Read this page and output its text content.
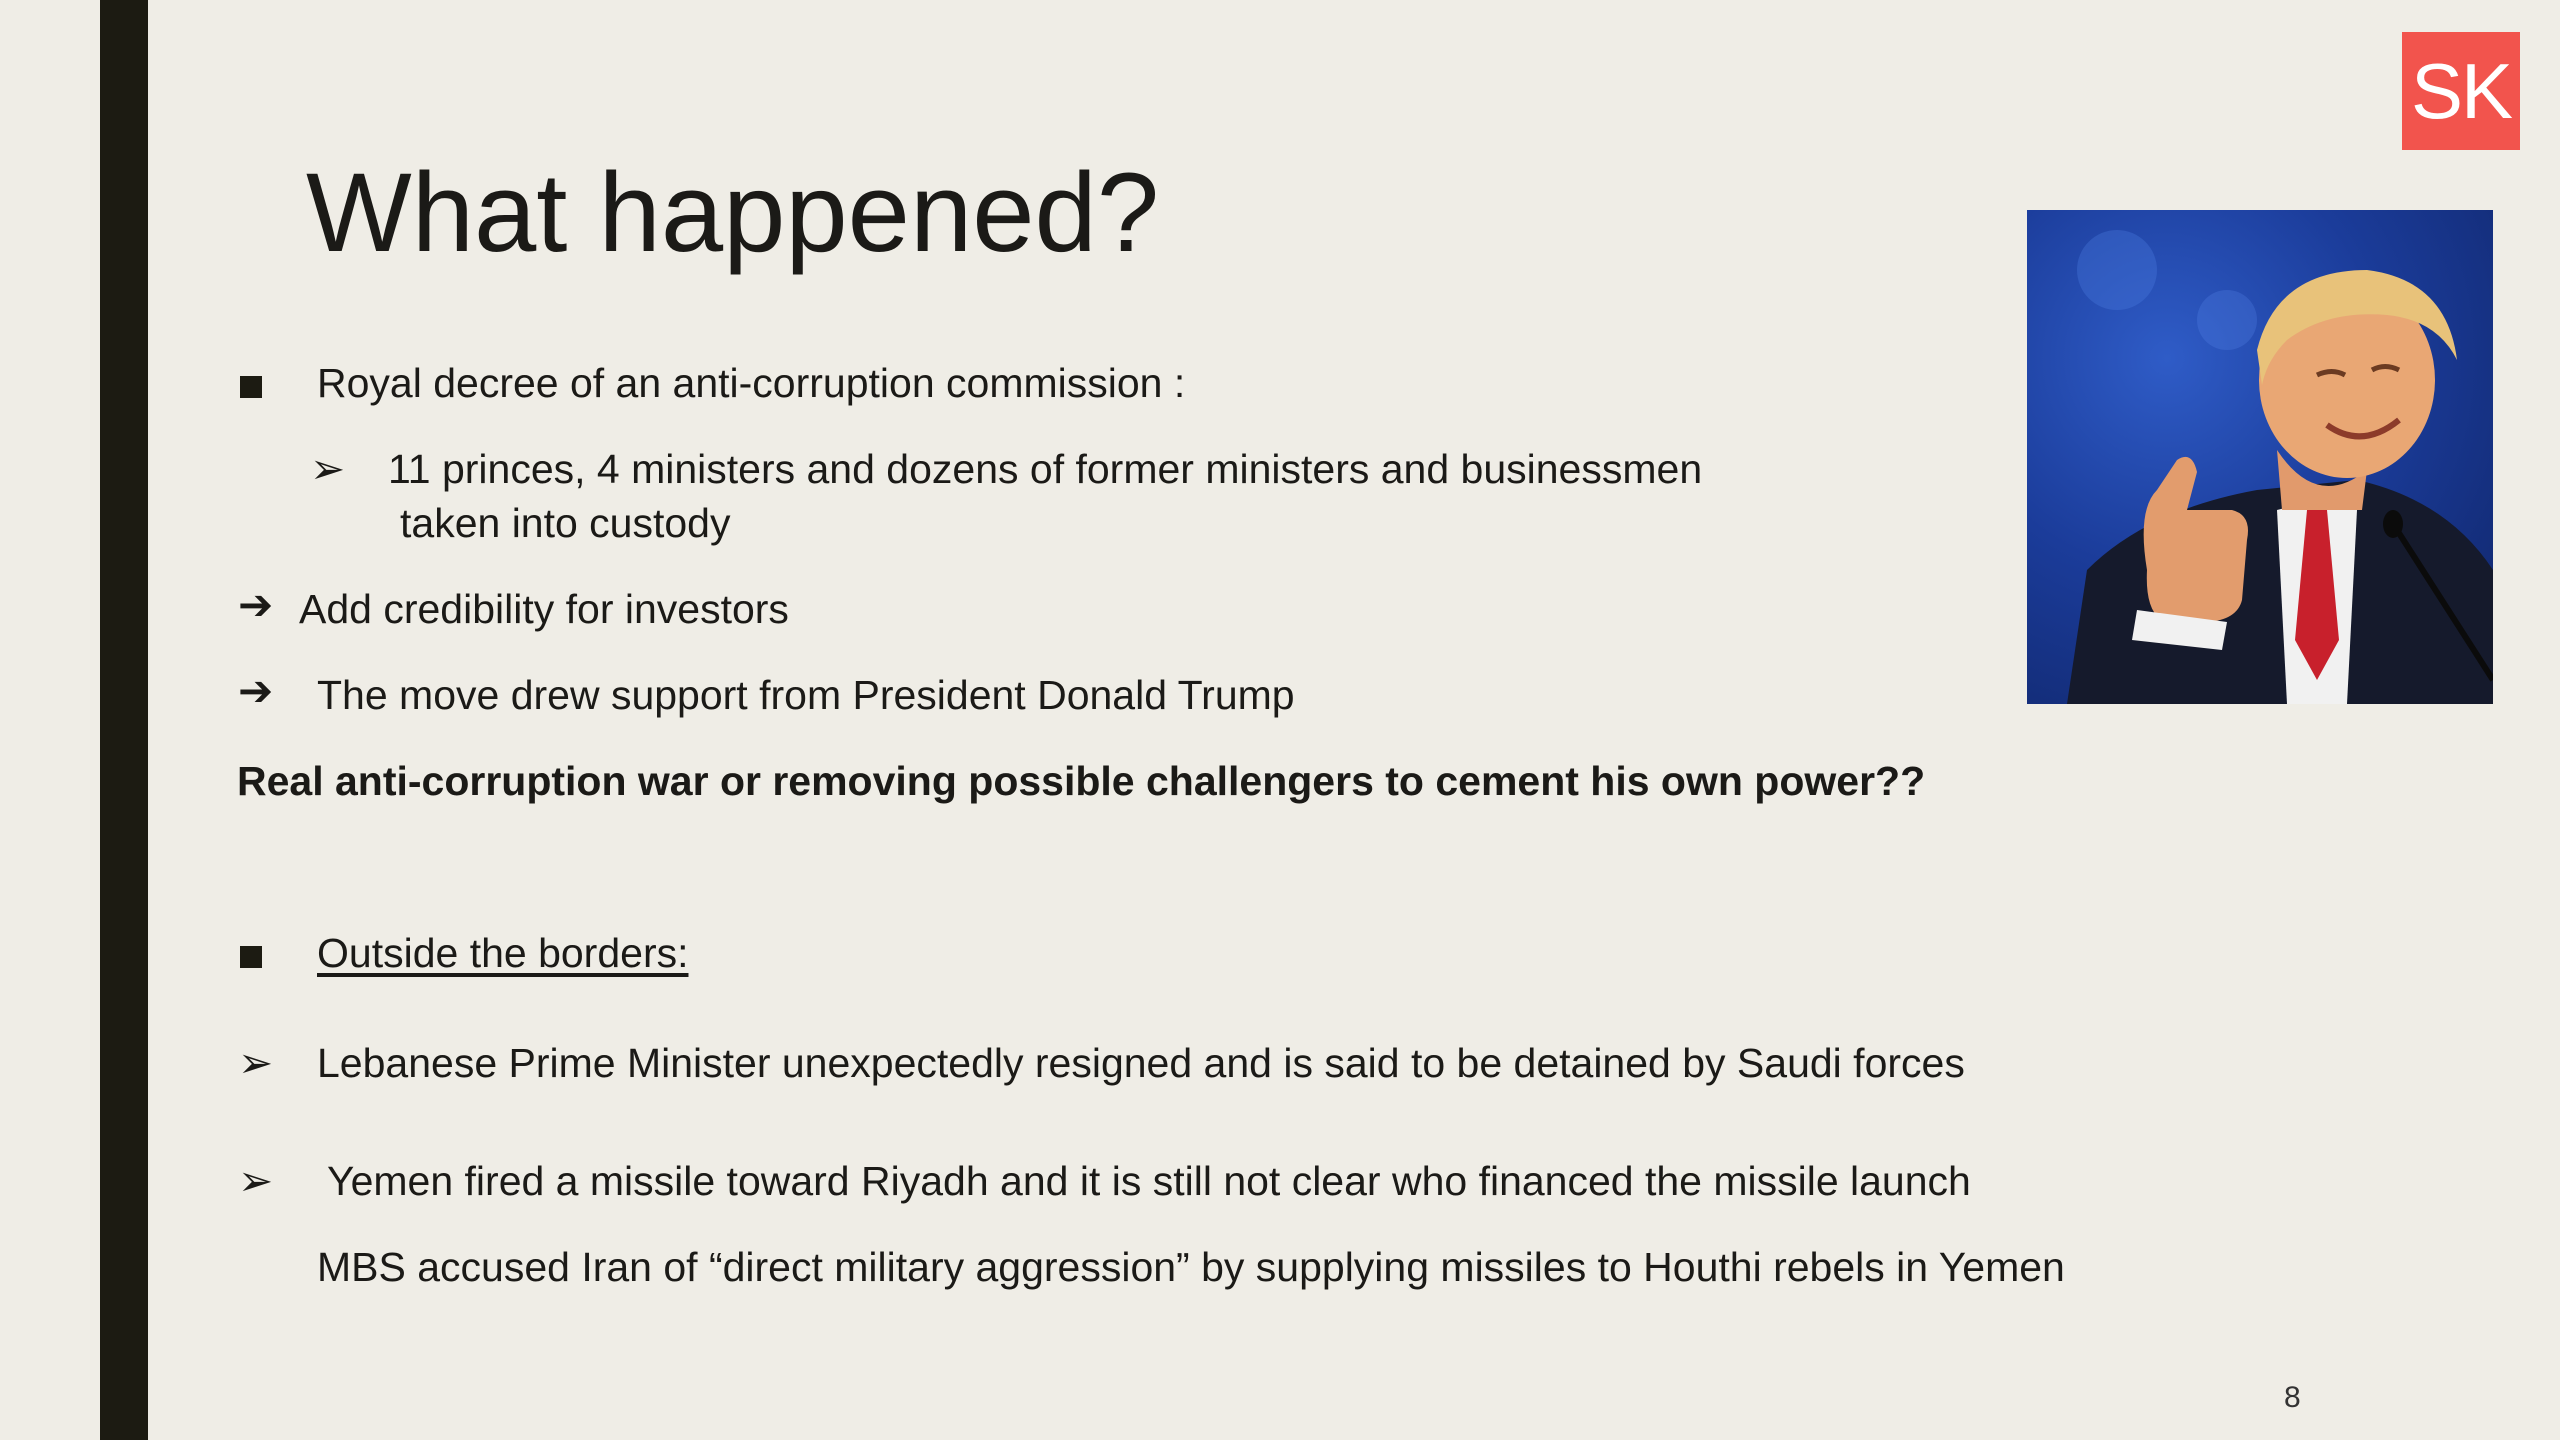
SK
What happened?
Royal decree of an anti-corruption commission :
➢ 11 princes, 4 ministers and dozens of former ministers and businessmen
taken into custody
➔ Add credibility for investors
➔ The move drew support from President Donald Trump
Real anti-corruption war or removing possible challengers to cement his own power??
Outside the borders:
➢ Lebanese Prime Minister unexpectedly resigned and is said to be detained by Saudi forces
➢ Yemen fired a missile toward Riyadh and it is still not clear who financed the missile launch
MBS accused Iran of “direct military aggression” by supplying missiles to Houthi rebels in Yemen
8
